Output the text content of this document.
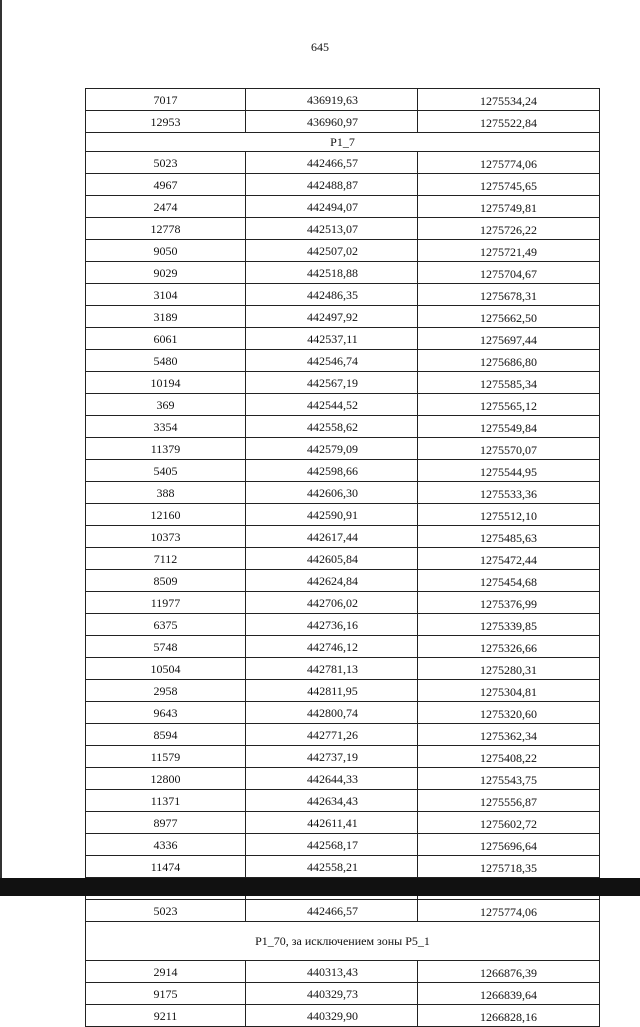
645
7017	436919,63	1275534,24
12953	436960,97	1275522,84
P1_7		
5023	442466,57	1275774,06
4967	442488,87	1275745,65
2474	442494,07	1275749,81
12778	442513,07	1275726,22
9050	442507,02	1275721,49
9029	442518,88	1275704,67
3104	442486,35	1275678,31
3189	442497,92	1275662,50
6061	442537,11	1275697,44
5480	442546,74	1275686,80
10194	442567,19	1275585,34
369	442544,52	1275565,12
3354	442558,62	1275549,84
11379	442579,09	1275570,07
5405	442598,66	1275544,95
388	442606,30	1275533,36
12160	442590,91	1275512,10
10373	442617,44	1275485,63
7112	442605,84	1275472,44
8509	442624,84	1275454,68
11977	442706,02	1275376,99
6375	442736,16	1275339,85
5748	442746,12	1275326,66
10504	442781,13	1275280,31
2958	442811,95	1275304,81
9643	442800,74	1275320,60
8594	442771,26	1275362,34
11579	442737,19	1275408,22
12800	442644,33	1275543,75
11371	442634,43	1275556,87
8977	442611,41	1275602,72
4336	442568,17	1275696,64
11474	442558,21	1275718,35

5023	442466,57	1275774,06
P1_70, за исключением зоны P5_1		
2914	440313,43	1266876,39
9175	440329,73	1266839,64
9211	440329,90	1266828,16
